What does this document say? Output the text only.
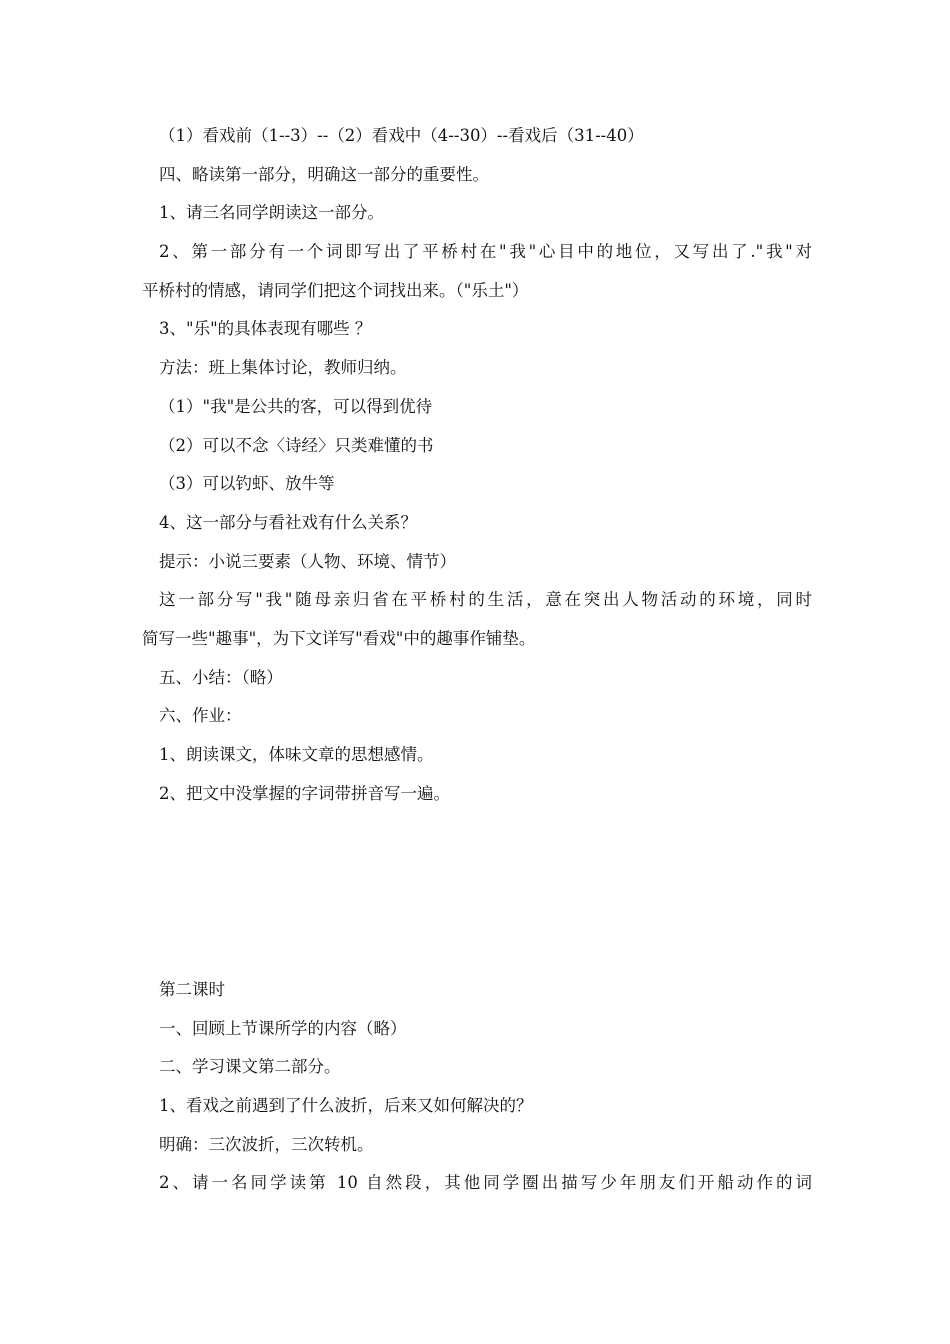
（1）看戏前（1--3）--（2）看戏中（4--30）--看戏后（31--40）
四、略读第一部分，明确这一部分的重要性。
1、请三名同学朗读这一部分。
2、第一部分有一个词即写出了平桥村在"我"心目中的地位，又写出了."我"对
平桥村的情感，请同学们把这个词找出来。（"乐土"）
3、"乐"的具体表现有哪些 ？
方法：班上集体讨论，教师归纳。
（1）"我"是公共的客，可以得到优待
（2）可以不念〈诗经〉只类难懂的书
（3）可以钓虾、放牛等
4、这一部分与看社戏有什么关系？
提示：小说三要素（人物、环境、情节）
这一部分写"我"随母亲归省在平桥村的生活，意在突出人物活动的环境，同时
简写一些"趣事"，为下文详写"看戏"中的趣事作铺垫。
五、小结：（略）
六、作业：
1、朗读课文，体味文章的思想感情。
2、把文中没掌握的字词带拼音写一遍。
第二课时
一、回顾上节课所学的内容（略）
二、学习课文第二部分。
1、看戏之前遇到了什么波折，后来又如何解决的？
明确：三次波折，三次转机。
2、请一名同学读第 10 自然段，其他同学圈出描写少年朋友们开船动作的词
